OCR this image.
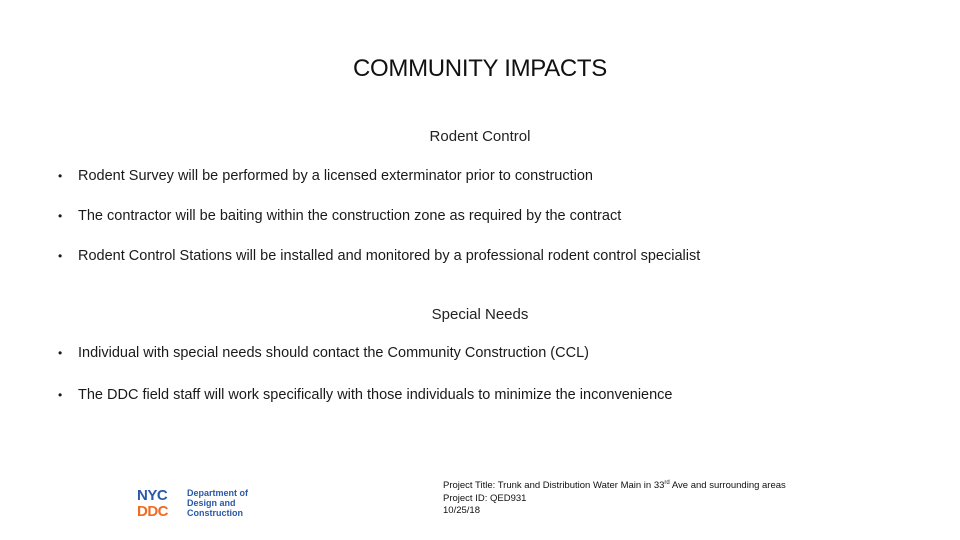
COMMUNITY IMPACTS
Rodent Control
•	Rodent Survey will be performed by a licensed exterminator prior to construction
•	The contractor will be baiting within the construction zone as required by the contract
•	Rodent Control Stations will be installed and monitored by a professional rodent control specialist
Special Needs
•	Individual with special needs should contact the Community Construction (CCL)
•	The DDC field staff will work specifically with those individuals to minimize the inconvenience
NYC
DDC
Department of
Design and
Construction
Project Title: Trunk and Distribution Water Main in 33rd Ave and surrounding areas
Project ID: QED931
10/25/18
